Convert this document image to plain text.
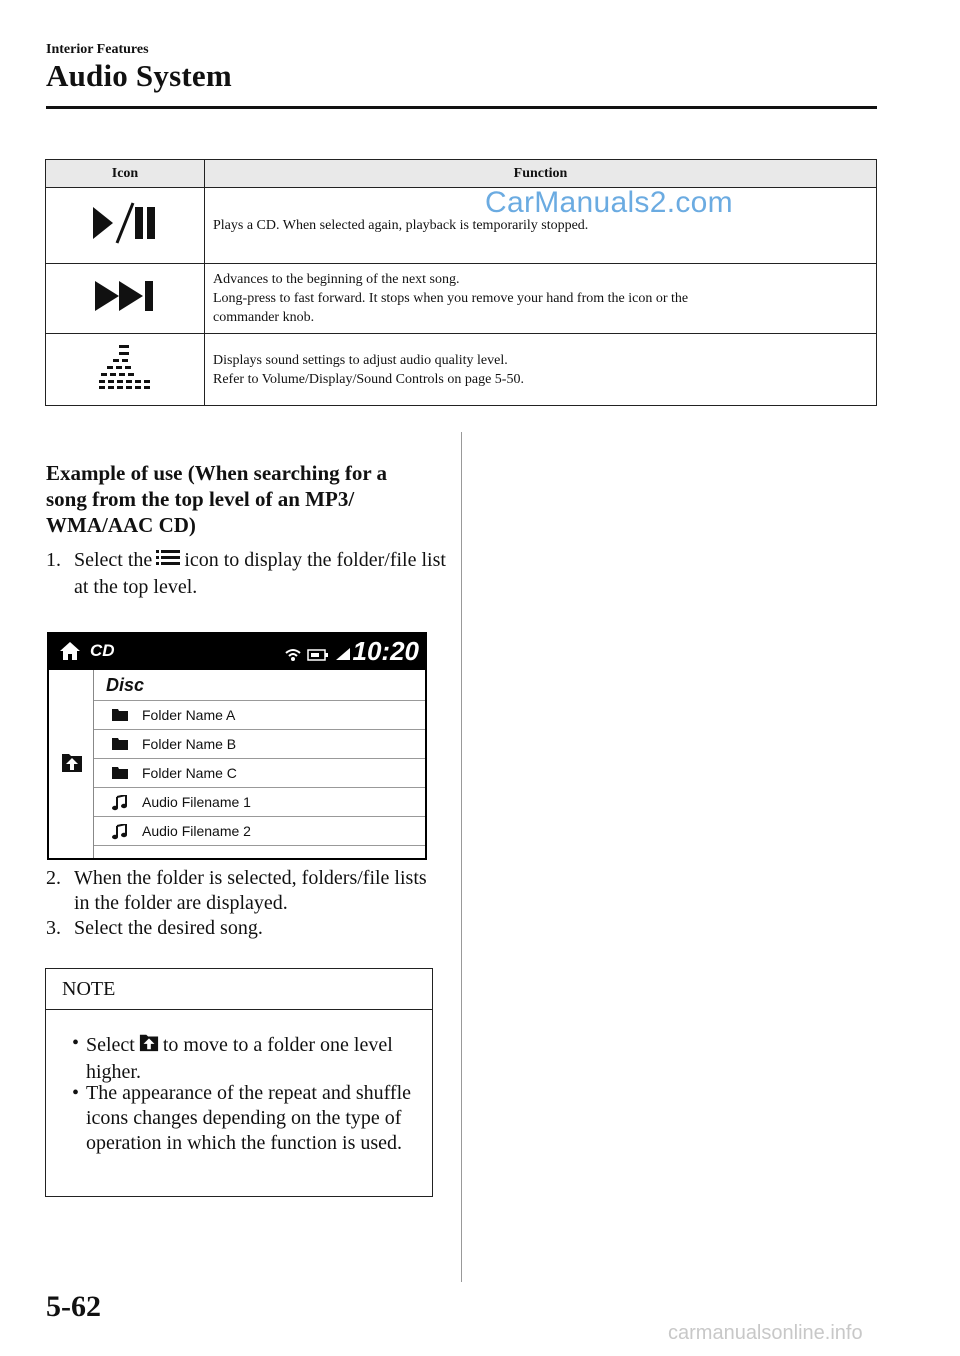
Interior Features
Audio System
Icon	Function

Plays a CD. When selected again, playback is temporarily stopped.

Advances to the beginning of the next song.
Long-press to fast forward. It stops when you remove your hand from the icon or the
commander knob.

Displays sound settings to adjust audio quality level.
Refer to Volume/Display/Sound Controls on page 5-50.
CarManuals2.com
Example of use (When searching for a song from the top level of an MP3/ WMA/AAC CD)
1. Select the icon to display the folder/file list at the top level.
CD	10:20
Disc
Folder Name A
Folder Name B
Folder Name C
Audio Filename 1
Audio Filename 2
2. When the folder is selected, folders/file lists in the folder are displayed.
3. Select the desired song.
NOTE
• Select to move to a folder one level higher.
• The appearance of the repeat and shuffle icons changes depending on the type of operation in which the function is used.
5-62
carmanualsonline.info
